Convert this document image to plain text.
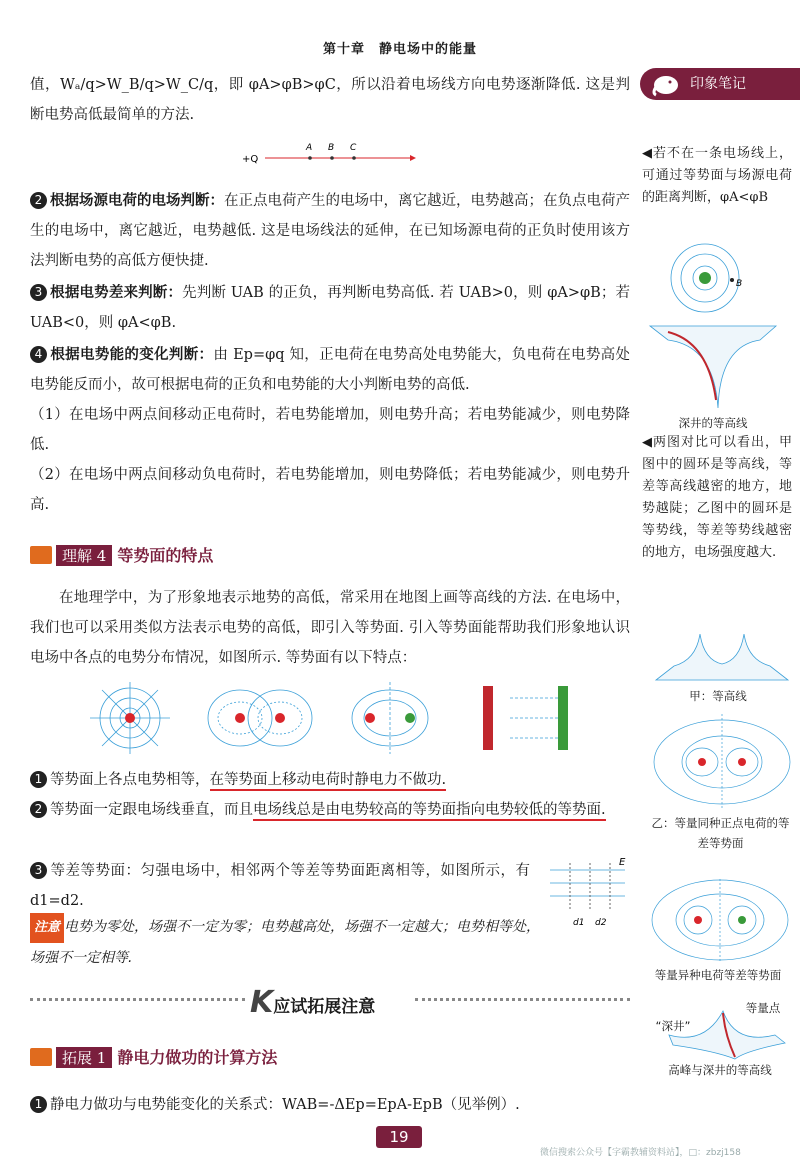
第十章　静电场中的能量
印象笔记

值，Wₐ/q>W_B/q>W_C/q，即 φA>φB>φC，所以沿着电场线方向电势逐渐降低. 这是判断电势高低最简单的方法.

+Q
A B C

2 根据场源电荷的电场判断：在正点电荷产生的电场中，离它越近，电势越高；在负点电荷产生的电场中，离它越近，电势越低. 这是电场线法的延伸，在已知场源电荷的正负时使用该方法判断电势的高低方便快捷.

3 根据电势差来判断：先判断 UAB 的正负，再判断电势高低. 若 UAB>0，则 φA>φB；若 UAB<0，则 φA<φB.

4 根据电势能的变化判断：由 Ep=φq 知，正电荷在电势高处电势能大，负电荷在电势高处电势能反而小，故可根据电荷的正负和电势能的大小判断电势的高低.

（1）在电场中两点间移动正电荷时，若电势能增加，则电势升高；若电势能减少，则电势降低.

（2）在电场中两点间移动负电荷时，若电势能增加，则电势降低；若电势能减少，则电势升高.

理解 4 等势面的特点

在地理学中，为了形象地表示地势的高低，常采用在地图上画等高线的方法. 在电场中，我们也可以采用类似方法表示电势的高低，即引入等势面. 引入等势面能帮助我们形象地认识电场中各点的电势分布情况，如图所示. 等势面有以下特点：

1 等势面上各点电势相等，在等势面上移动电荷时静电力不做功.

2 等势面一定跟电场线垂直，而且电场线总是由电势较高的等势面指向电势较低的等势面.

3 等差等势面：匀强电场中，相邻两个等差等势面距离相等，如图所示，有 d1=d2.

E
d1 d2

注意 电势为零处，场强不一定为零；电势越高处，场强不一定越大；电势相等处，场强不一定相等.

K应试拓展注意
拓展 1 静电力做功的计算方法

1 静电力做功与电势能变化的关系式：WAB=-ΔEp=EpA-EpB（见举例）.

◀若不在一条电场线上，可通过等势面与场源电荷的距离判断，φA<φB
B
深井的等高线
◀两图对比可以看出，甲图中的圆环是等高线，等差等高线越密的地方，地势越陡；乙图中的圆环是等势线，等差等势线越密的地方，电场强度越大.
甲：等高线
乙：等量同种正点电荷的等差等势面
等量异种电荷等差等势面
等量点
“深井”
高峰与深井的等高线
19
微信搜索公众号【字霸教辅资料站】，□：zbzj158
